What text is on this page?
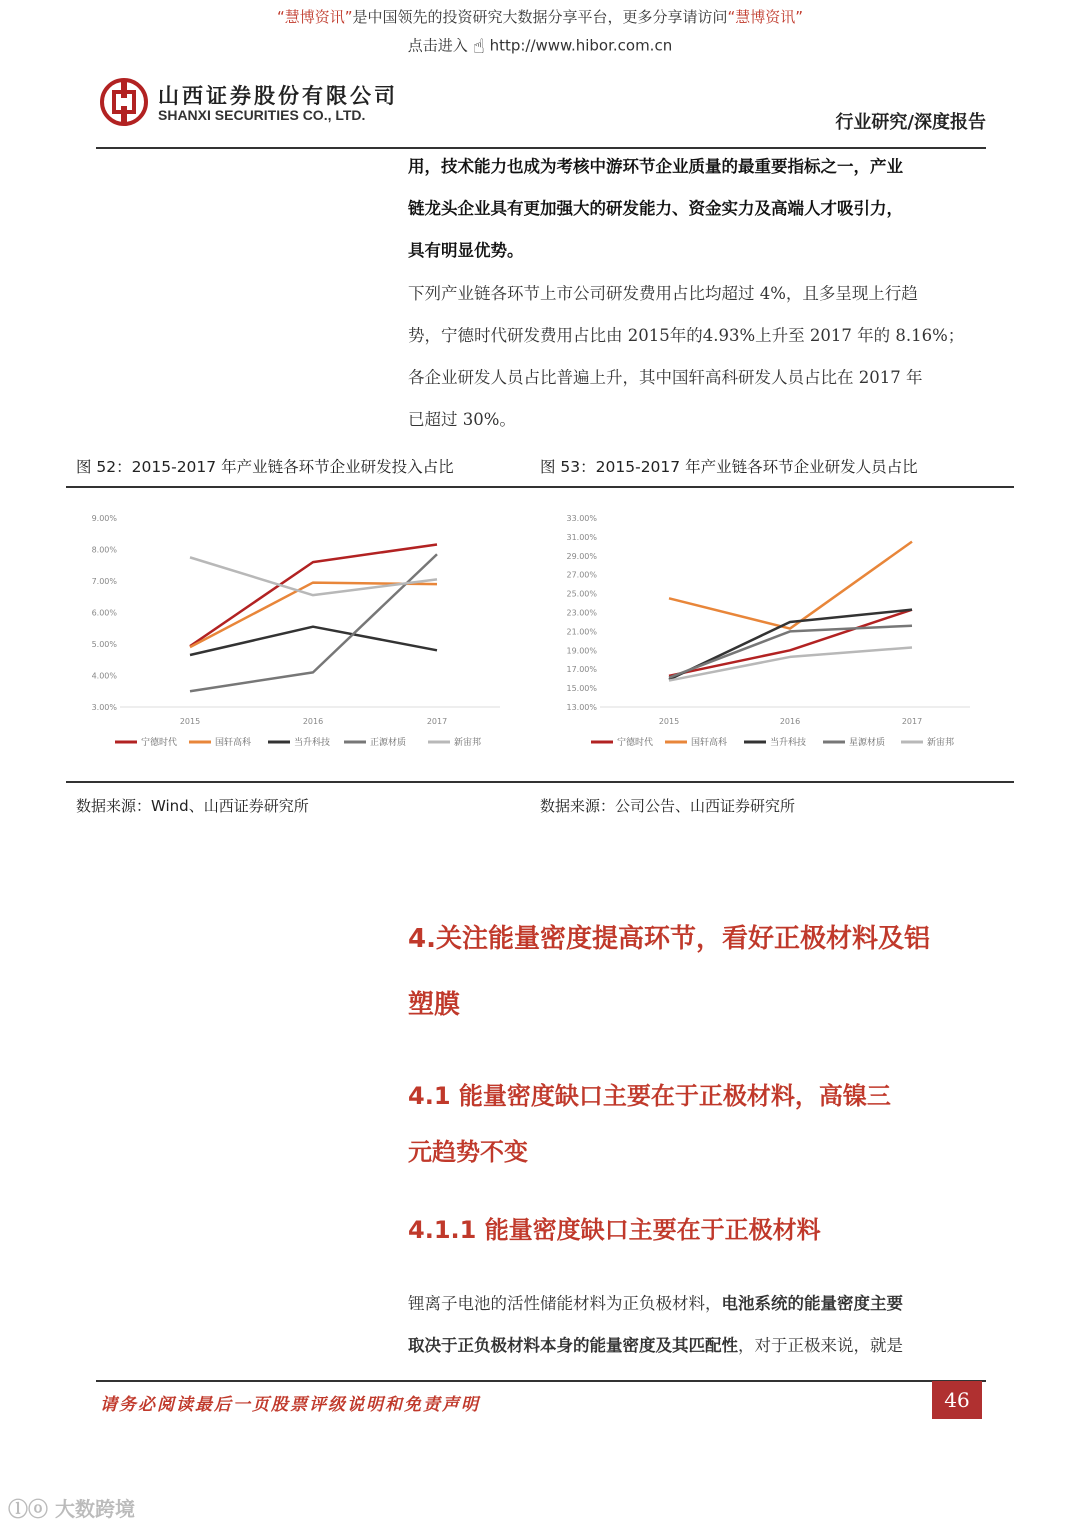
“慧博资讯”是中国领先的投资研究大数据分享平台，更多分享请访问“慧博资讯”
点击进入 ☝ http://www.hibor.com.cn
山西证券股份有限公司
SHANXI SECURITIES CO., LTD.	行业研究/深度报告
用，技术能力也成为考核中游环节企业质量的最重要指标之一，产业
链龙头企业具有更加强大的研发能力、资金实力及高端人才吸引力，
具有明显优势。
下列产业链各环节上市公司研发费用占比均超过 4%，且多呈现上行趋
势，宁德时代研发费用占比由 2015年的4.93%上升至 2017 年的 8.16%；
各企业研发人员占比普遍上升，其中国轩高科研发人员占比在 2017 年
已超过 30%。
图 52：2015-2017 年产业链各环节企业研发投入占比	图 53：2015-2017 年产业链各环节企业研发人员占比
3.00%
4.00%
5.00%
6.00%
7.00%
8.00%
9.00%
2015	2016	2017
宁德时代	国轩高科	当升科技	正源材质	新宙邦
13.00%
15.00%
17.00%
19.00%
21.00%
23.00%
25.00%
27.00%
29.00%
31.00%
33.00%
2015	2016	2017
宁德时代	国轩高科	当升科技	星源材质	新宙邦
数据来源：Wind、山西证券研究所	数据来源：公司公告、山西证券研究所
4.关注能量密度提高环节，看好正极材料及铝
塑膜
4.1 能量密度缺口主要在于正极材料，高镍三
元趋势不变
4.1.1 能量密度缺口主要在于正极材料
锂离子电池的活性储能材料为正负极材料，电池系统的能量密度主要
取决于正负极材料本身的能量密度及其匹配性，对于正极来说，就是
请务必阅读最后一页股票评级说明和免责声明	46
ⓛⓞ 大数跨境
